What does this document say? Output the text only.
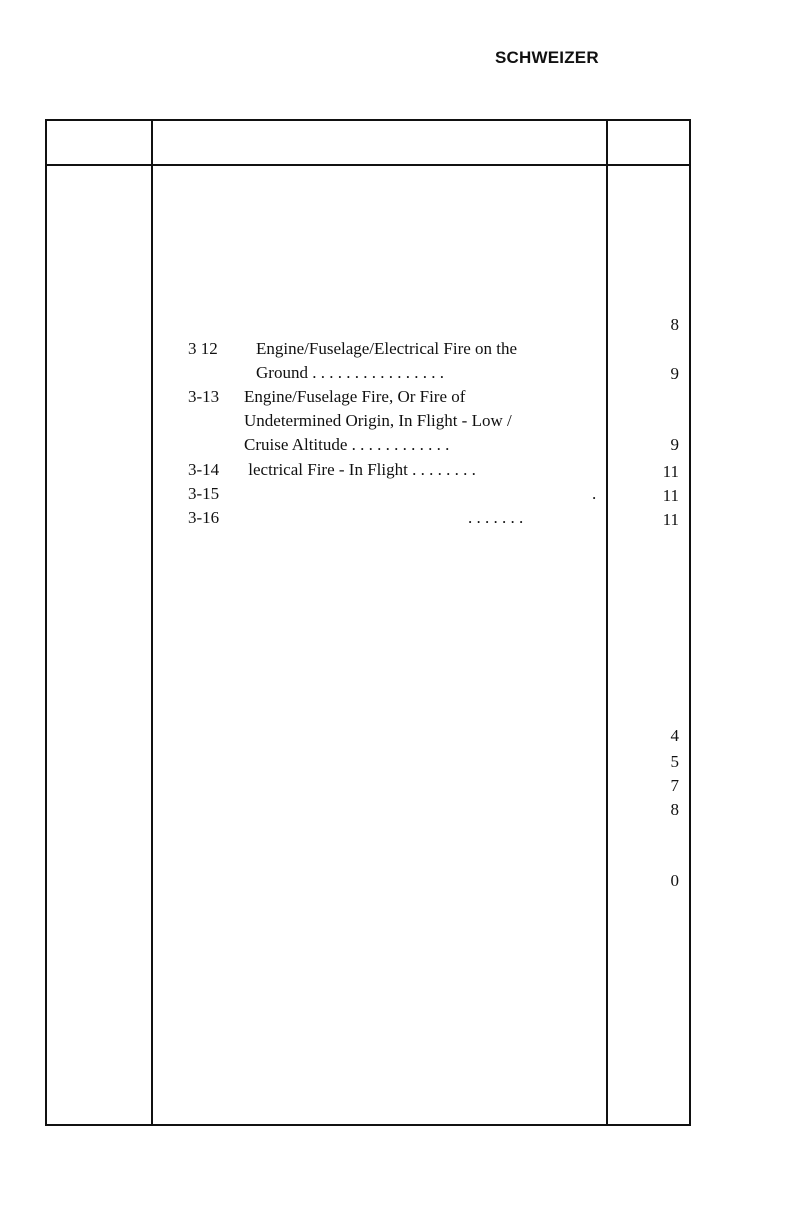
SCHWEIZER
8
3 12 Engine/Fuselage/Electrical Fire on the
Ground . . . . . . . . . . . . . . . .	9
3-13 Engine/Fuselage Fire, Or Fire of
Undetermined Origin, In Flight - Low /
Cruise Altitude . . . . . . . . . . . .	9
3-14 lectrical Fire - In Flight . . . . . . . .	11
3-15	.	11
3-16	. . . . . . .	11
4
5
7
8
0
